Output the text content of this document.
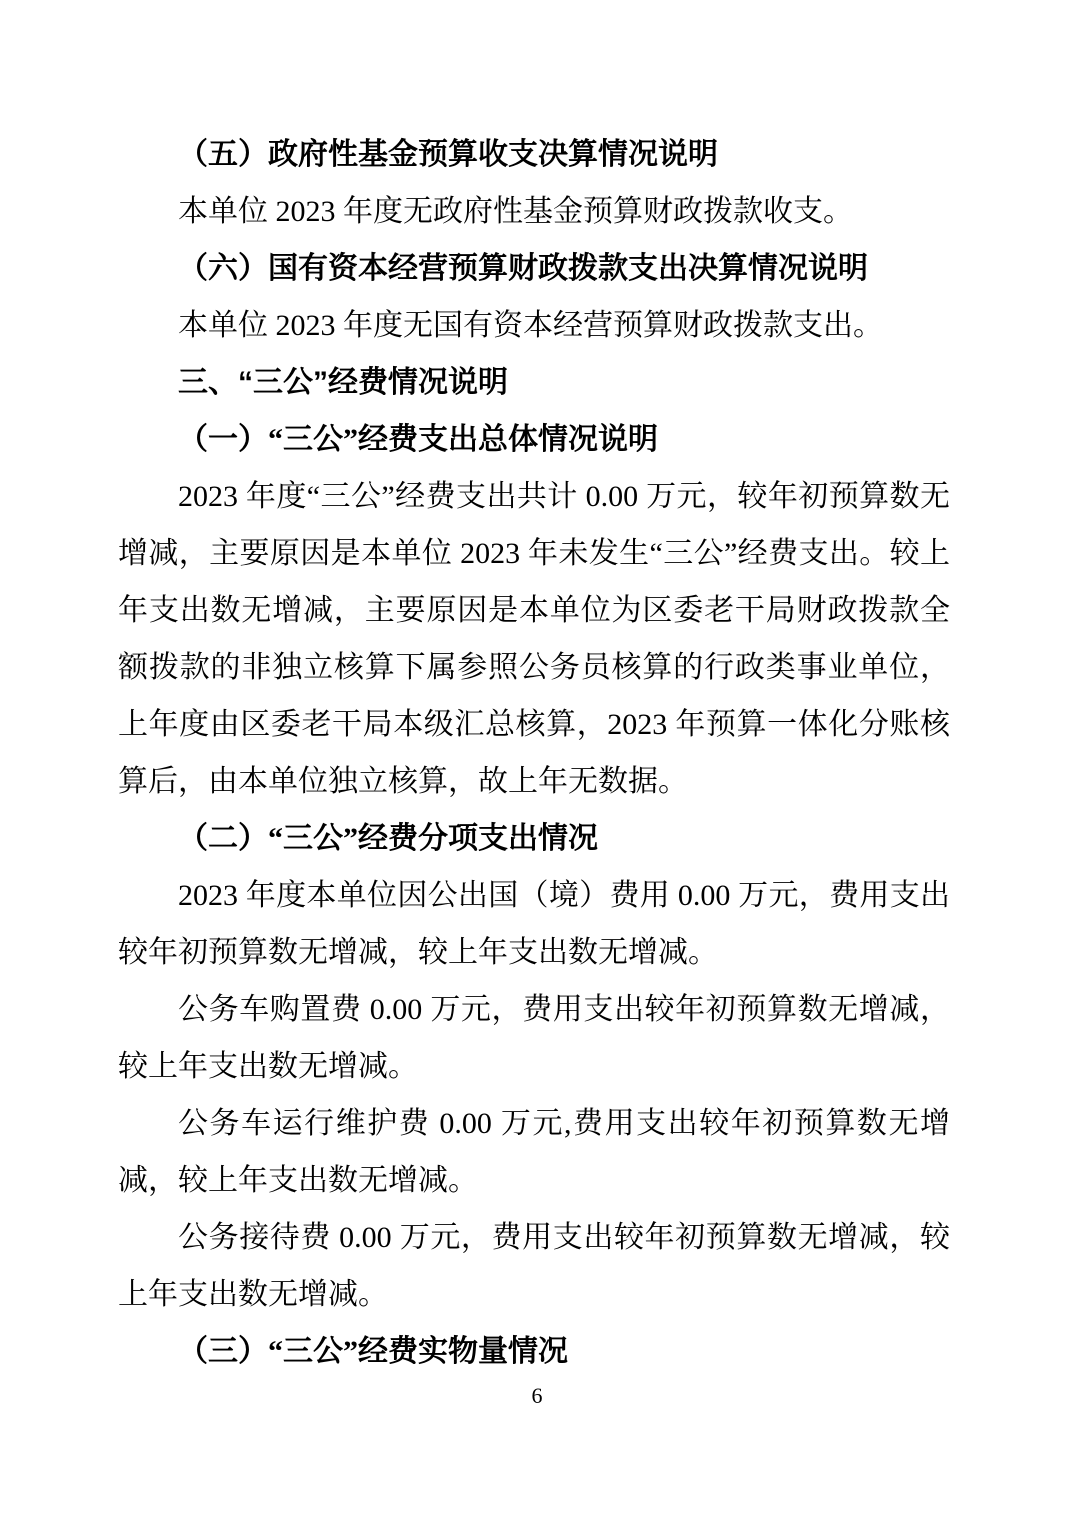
（五）政府性基金预算收支决算情况说明

本单位 2023 年度无政府性基金预算财政拨款收支。

（六）国有资本经营预算财政拨款支出决算情况说明

本单位 2023 年度无国有资本经营预算财政拨款支出。

三、“三公”经费情况说明

（一）“三公”经费支出总体情况说明

2023 年度“三公”经费支出共计 0.00 万元，较年初预算数无增减，主要原因是本单位 2023 年未发生“三公”经费支出。较上年支出数无增减，主要原因是本单位为区委老干局财政拨款全额拨款的非独立核算下属参照公务员核算的行政类事业单位，上年度由区委老干局本级汇总核算，2023 年预算一体化分账核算后，由本单位独立核算，故上年无数据。

（二）“三公”经费分项支出情况

2023 年度本单位因公出国（境）费用 0.00 万元，费用支出较年初预算数无增减，较上年支出数无增减。

公务车购置费 0.00 万元，费用支出较年初预算数无增减，较上年支出数无增减。

公务车运行维护费 0.00 万元,费用支出较年初预算数无增减，较上年支出数无增减。

公务接待费 0.00 万元，费用支出较年初预算数无增减，较上年支出数无增减。

（三）“三公”经费实物量情况

6
